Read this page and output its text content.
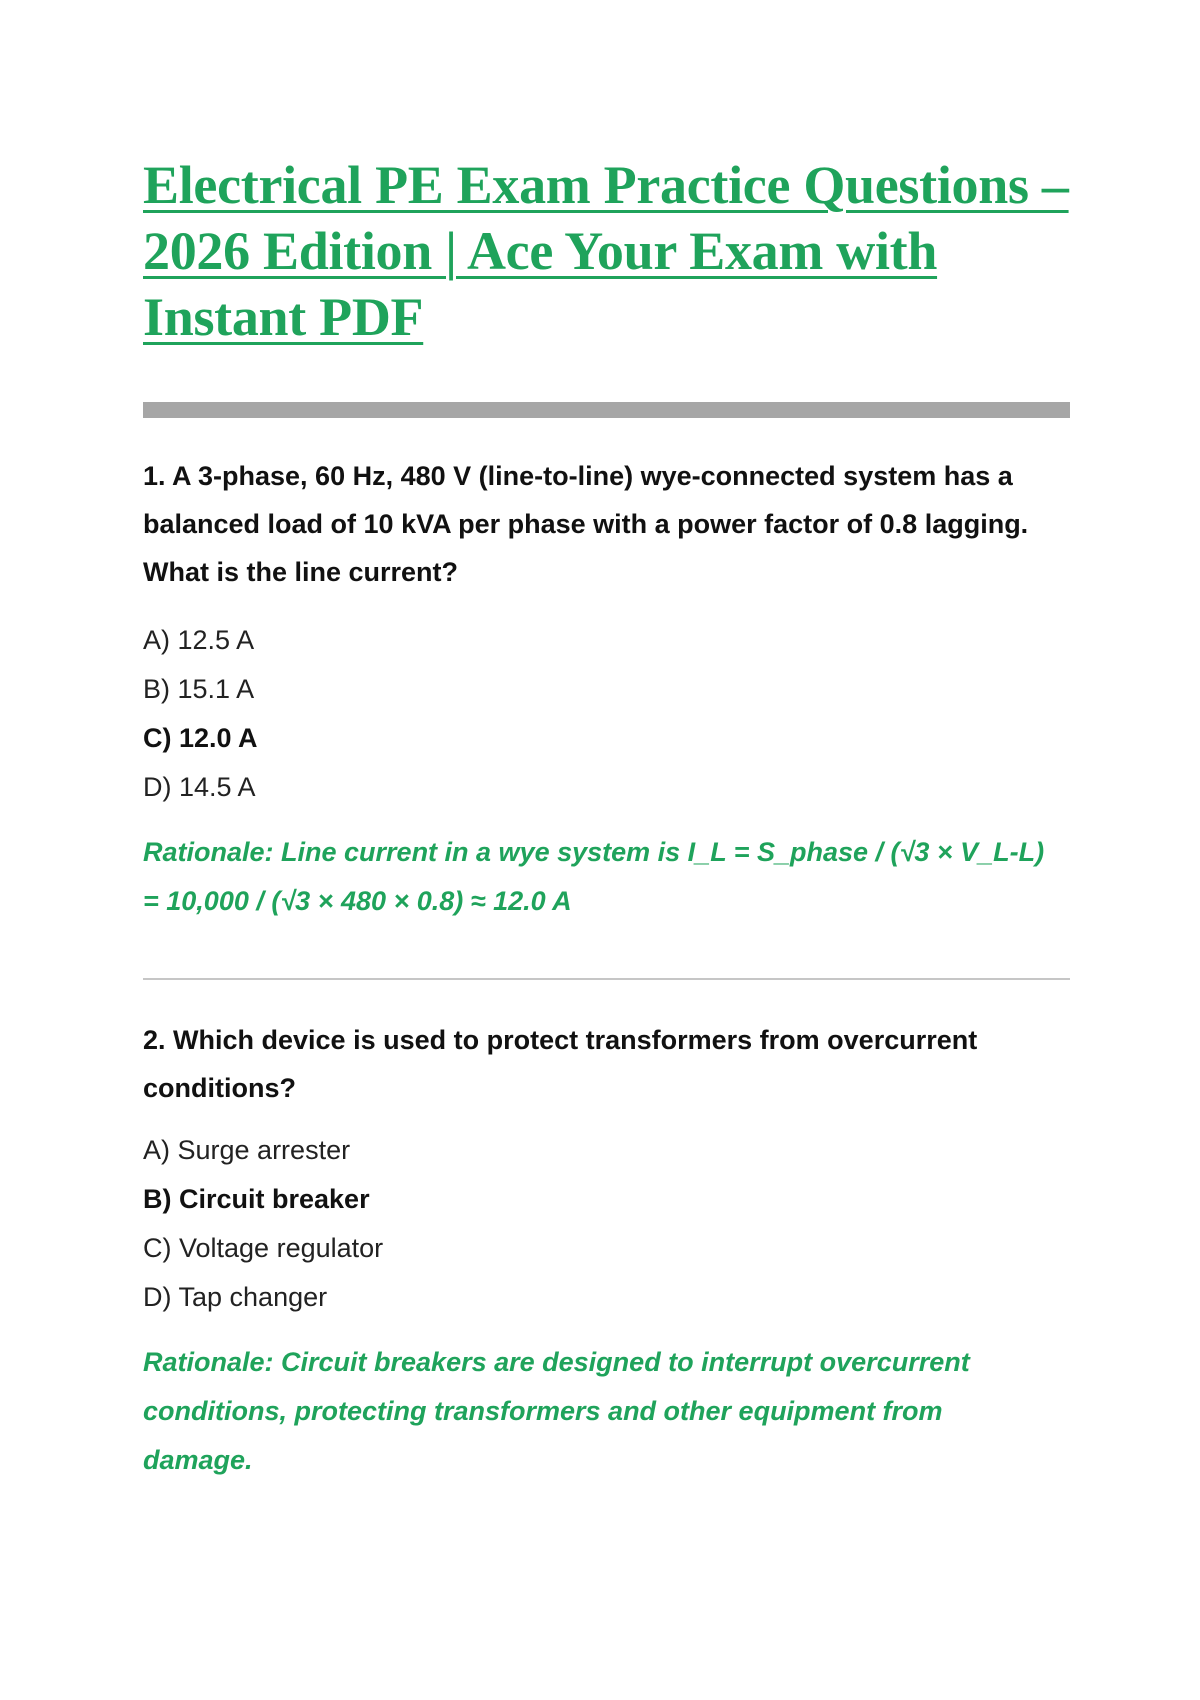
Electrical PE Exam Practice Questions –
2026 Edition | Ace Your Exam with
Instant PDF

1. A 3-phase, 60 Hz, 480 V (line-to-line) wye-connected system has a
balanced load of 10 kVA per phase with a power factor of 0.8 lagging.
What is the line current?

A) 12.5 A
B) 15.1 A
C) 12.0 A
D) 14.5 A
Rationale: Line current in a wye system is I_L = S_phase / (√3 × V_L-L)
= 10,000 / (√3 × 480 × 0.8) ≈ 12.0 A

2. Which device is used to protect transformers from overcurrent
conditions?

A) Surge arrester
B) Circuit breaker
C) Voltage regulator
D) Tap changer
Rationale: Circuit breakers are designed to interrupt overcurrent
conditions, protecting transformers and other equipment from
damage.
